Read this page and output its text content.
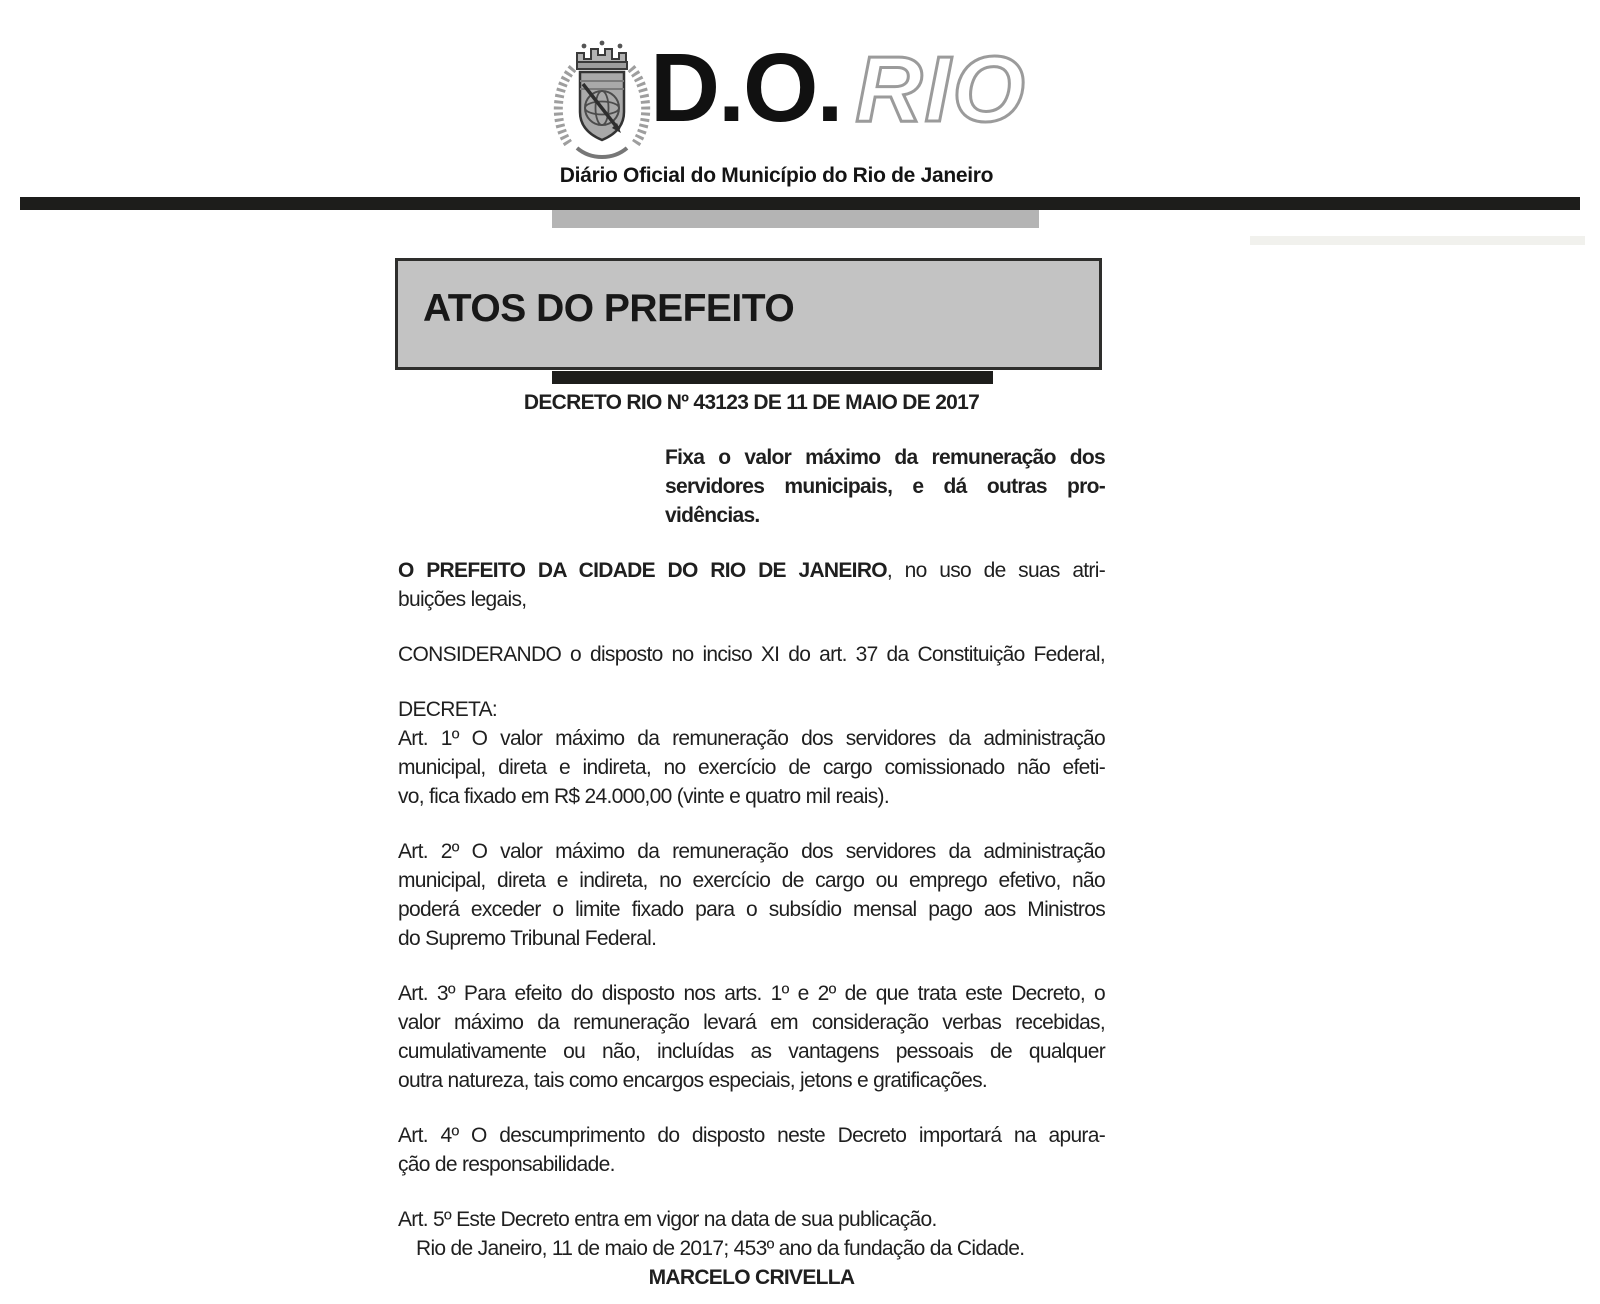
D.O. RIO
Diário Oficial do Município do Rio de Janeiro
ATOS DO PREFEITO
DECRETO RIO Nº 43123 DE 11 DE MAIO DE 2017
Fixa o valor máximo da remuneração dos
servidores municipais, e dá outras pro-
vidências.
O PREFEITO DA CIDADE DO RIO DE JANEIRO, no uso de suas atri-
buições legais,
CONSIDERANDO o disposto no inciso XI do art. 37 da Constituição Federal,
DECRETA:
Art. 1º O valor máximo da remuneração dos servidores da administração
municipal, direta e indireta, no exercício de cargo comissionado não efeti-
vo, fica fixado em R$ 24.000,00 (vinte e quatro mil reais).
Art. 2º O valor máximo da remuneração dos servidores da administração
municipal, direta e indireta, no exercício de cargo ou emprego efetivo, não
poderá exceder o limite fixado para o subsídio mensal pago aos Ministros
do Supremo Tribunal Federal.
Art. 3º Para efeito do disposto nos arts. 1º e 2º de que trata este Decreto, o
valor máximo da remuneração levará em consideração verbas recebidas,
cumulativamente ou não, incluídas as vantagens pessoais de qualquer
outra natureza, tais como encargos especiais, jetons e gratificações.
Art. 4º O descumprimento do disposto neste Decreto importará na apura-
ção de responsabilidade.
Art. 5º Este Decreto entra em vigor na data de sua publicação.
Rio de Janeiro, 11 de maio de 2017; 453º ano da fundação da Cidade.
MARCELO CRIVELLA
